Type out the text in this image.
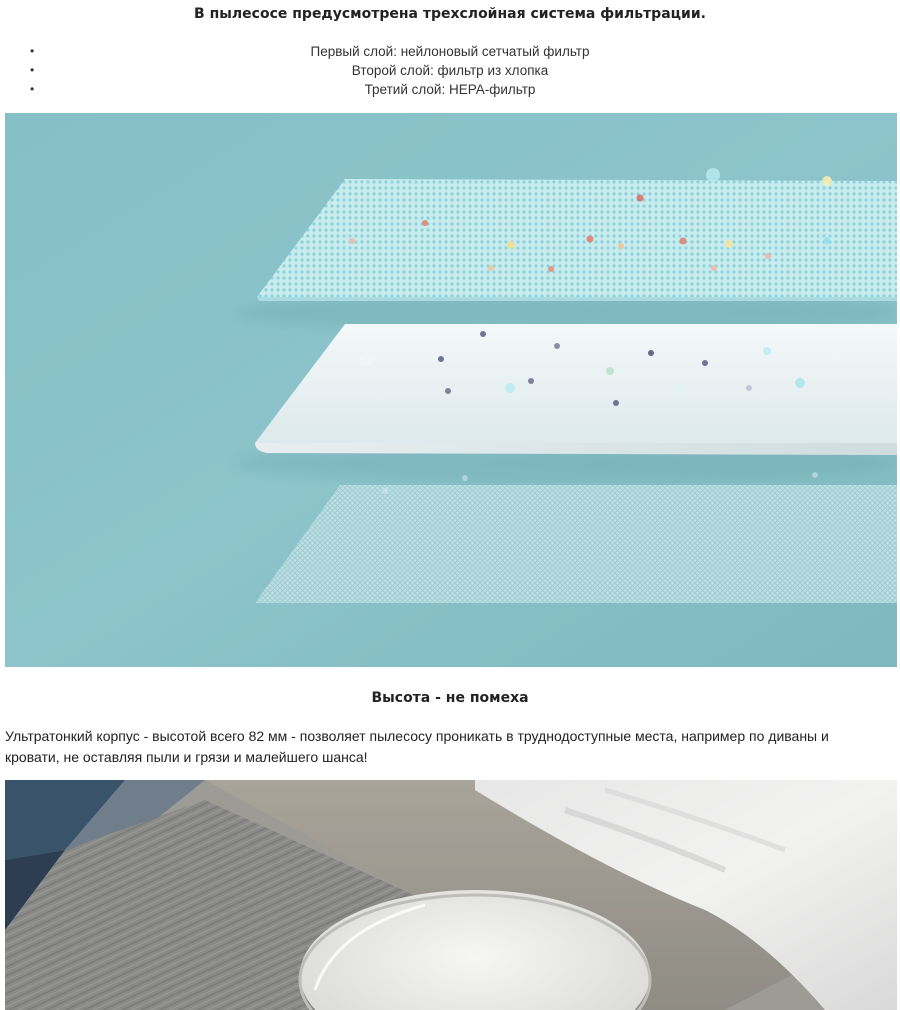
В пылесосе предусмотрена трехслойная система фильтрации.
•	Первый слой: нейлоновый сетчатый фильтр
•	Второй слой: фильтр из хлопка
•	Третий слой: HEPA-фильтр
Высота - не помеха

Ультратонкий корпус - высотой всего 82 мм - позволяет пылесосу проникать в труднодоступные места, например по диваны и кровати, не оставляя пыли и грязи и малейшего шанса!
